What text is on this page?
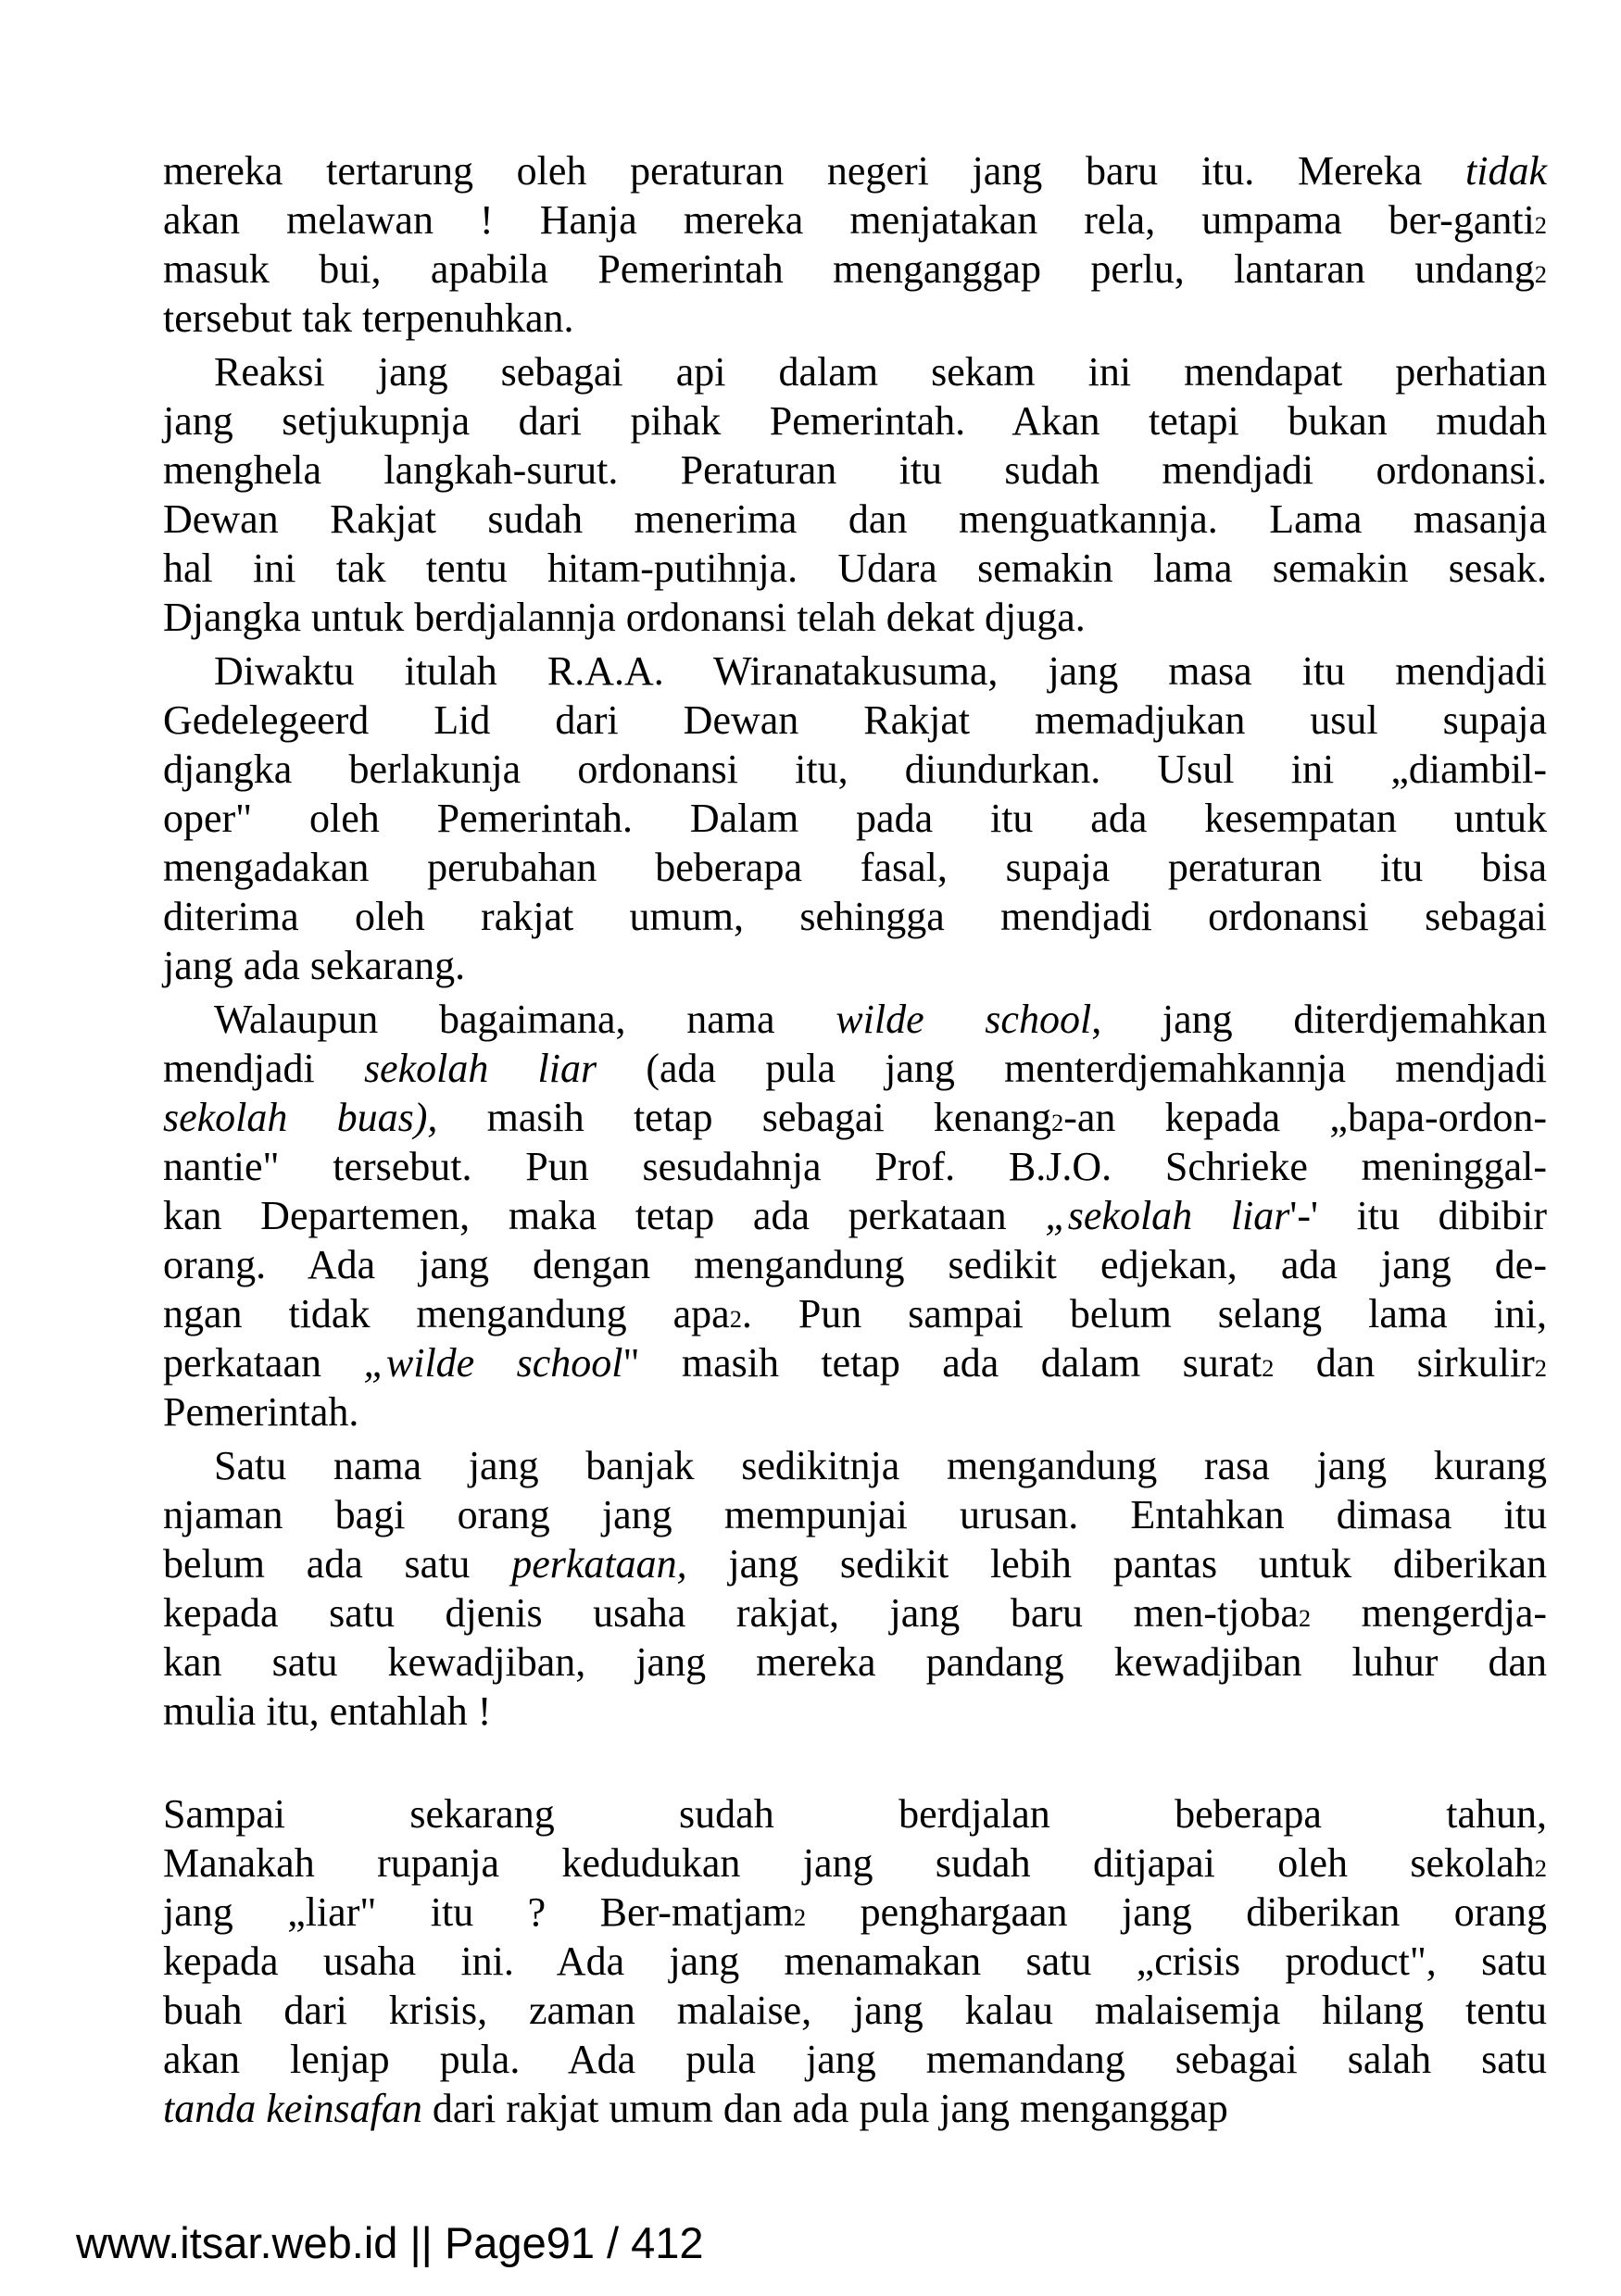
mereka tertarung oleh peraturan negeri jang baru itu. Mereka tidak
akan melawan ! Hanja mereka menjatakan rela, umpama ber-ganti$^2$
masuk bui, apabila Pemerintah menganggap perlu, lantaran undang$^2$
tersebut tak terpenuhkan.
Reaksi jang sebagai api dalam sekam ini mendapat perhatian
jang setjukupnja dari pihak Pemerintah. Akan tetapi bukan mudah
menghela langkah-surut. Peraturan itu sudah mendjadi ordonansi.
Dewan Rakjat sudah menerima dan menguatkannja. Lama masanja
hal ini tak tentu hitam-putihnja. Udara semakin lama semakin sesak.
Djangka untuk berdjalannja ordonansi telah dekat djuga.
Diwaktu itulah R.A.A. Wiranatakusuma, jang masa itu mendjadi
Gedelegeerd Lid dari Dewan Rakjat memadjukan usul supaja
djangka berlakunja ordonansi itu, diundurkan. Usul ini „diambil-
oper" oleh Pemerintah. Dalam pada itu ada kesempatan untuk
mengadakan perubahan beberapa fasal, supaja peraturan itu bisa
diterima oleh rakjat umum, sehingga mendjadi ordonansi sebagai
jang ada sekarang.
Walaupun bagaimana, nama wilde school, jang diterdjemahkan
mendjadi sekolah liar (ada pula jang menterdjemahkannja mendjadi
sekolah buas), masih tetap sebagai kenang$^2$-an kepada „bapa-ordon-
nantie" tersebut. Pun sesudahnja Prof. B.J.O. Schrieke meninggal-
kan Departemen, maka tetap ada perkataan „sekolah liar'-' itu dibibir
orang. Ada jang dengan mengandung sedikit edjekan, ada jang de-
ngan tidak mengandung apa$^2$. Pun sampai belum selang lama ini,
perkataan „wilde school" masih tetap ada dalam surat$^2$ dan sirkulir$^2$
Pemerintah.
Satu nama jang banjak sedikitnja mengandung rasa jang kurang
njaman bagi orang jang mempunjai urusan. Entahkan dimasa itu
belum ada satu perkataan, jang sedikit lebih pantas untuk diberikan
kepada satu djenis usaha rakjat, jang baru men-tjoba$^2$ mengerdja-
kan satu kewadjiban, jang mereka pandang kewadjiban luhur dan
mulia itu, entahlah !
Sampai sekarang sudah berdjalan beberapa tahun,
Manakah rupanja kedudukan jang sudah ditjapai oleh sekolah$^2$
jang „liar" itu ? Ber-matjam$^2$ penghargaan jang diberikan orang
kepada usaha ini. Ada jang menamakan satu „crisis product", satu
buah dari krisis, zaman malaise, jang kalau malaisemja hilang tentu
akan lenjap pula. Ada pula jang memandang sebagai salah satu
tanda keinsafan dari rakjat umum dan ada pula jang menganggap
www.itsar.web.id || Page91 / 412
